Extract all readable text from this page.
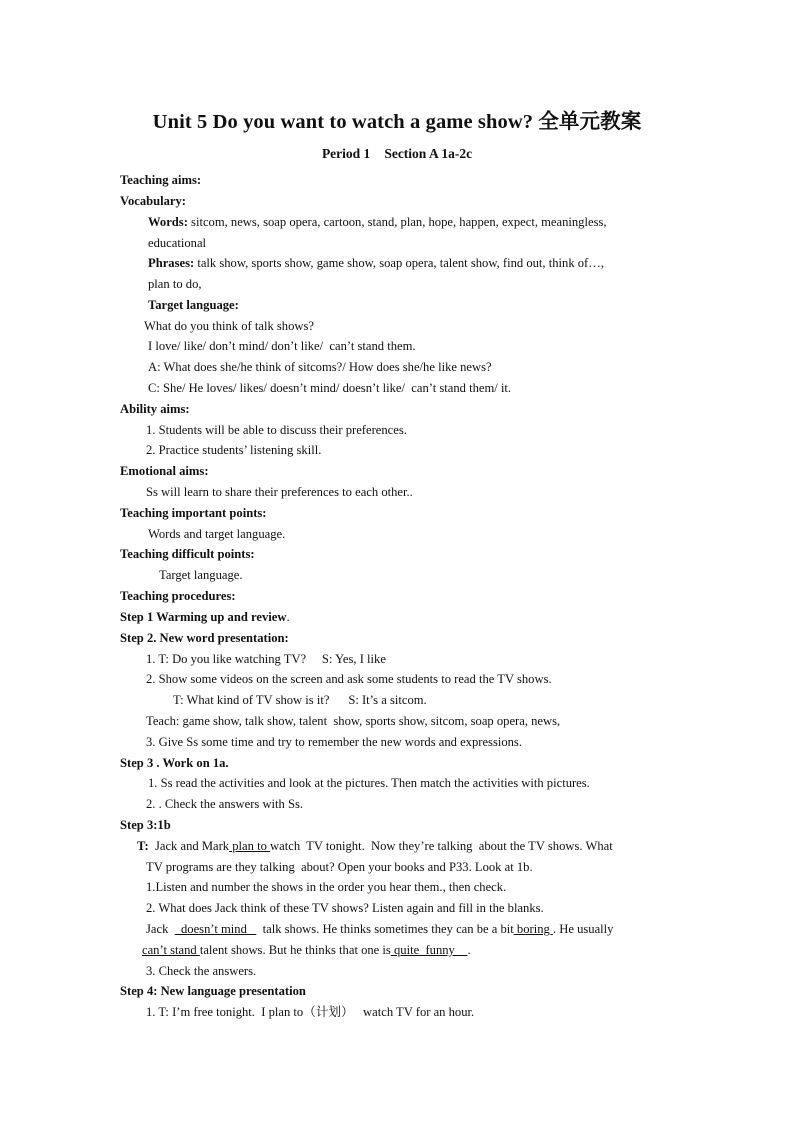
Unit 5 Do you want to watch a game show? 全单元教案
Period 1 Section A 1a-2c
Teaching aims:
Vocabulary:
Words: sitcom, news, soap opera, cartoon, stand, plan, hope, happen, expect, meaningless,
educational
Phrases: talk show, sports show, game show, soap opera, talent show, find out, think of…,
plan to do,
Target language:
What do you think of talk shows?
I love/ like/ don’t mind/ don’t like/  can’t stand them.
A: What does she/he think of sitcoms?/ How does she/he like news?
C: She/ He loves/ likes/ doesn’t mind/ doesn’t like/  can’t stand them/ it.
Ability aims:
1. Students will be able to discuss their preferences.
2. Practice students’ listening skill.
Emotional aims:
Ss will learn to share their preferences to each other..
Teaching important points:
Words and target language.
Teaching difficult points:
Target language.
Teaching procedures:
Step 1 Warming up and review.
Step 2. New word presentation:
1. T: Do you like watching TV?     S: Yes, I like
2. Show some videos on the screen and ask some students to read the TV shows.
T: What kind of TV show is it?      S: It’s a sitcom.
Teach: game show, talk show, talent  show, sports show, sitcom, soap opera, news,
3. Give Ss some time and try to remember the new words and expressions.
Step 3 . Work on 1a.
1. Ss read the activities and look at the pictures. Then match the activities with pictures.
2. . Check the answers with Ss.
Step 3:1b
T:  Jack and Mark plan to watch  TV tonight.  Now they’re talking  about the TV shows. What
TV programs are they talking  about? Open your books and P33. Look at 1b.
1.Listen and number the shows in the order you hear them., then check.
2. What does Jack think of these TV shows? Listen again and fill in the blanks.
Jack    doesn’t mind     talk shows. He thinks sometimes they can be a bit boring . He usually
can’t stand talent shows. But he thinks that one is quite  funny    .
3. Check the answers.
Step 4: New language presentation
1. T: I’m free tonight.  I plan to（计划）   watch TV for an hour.
